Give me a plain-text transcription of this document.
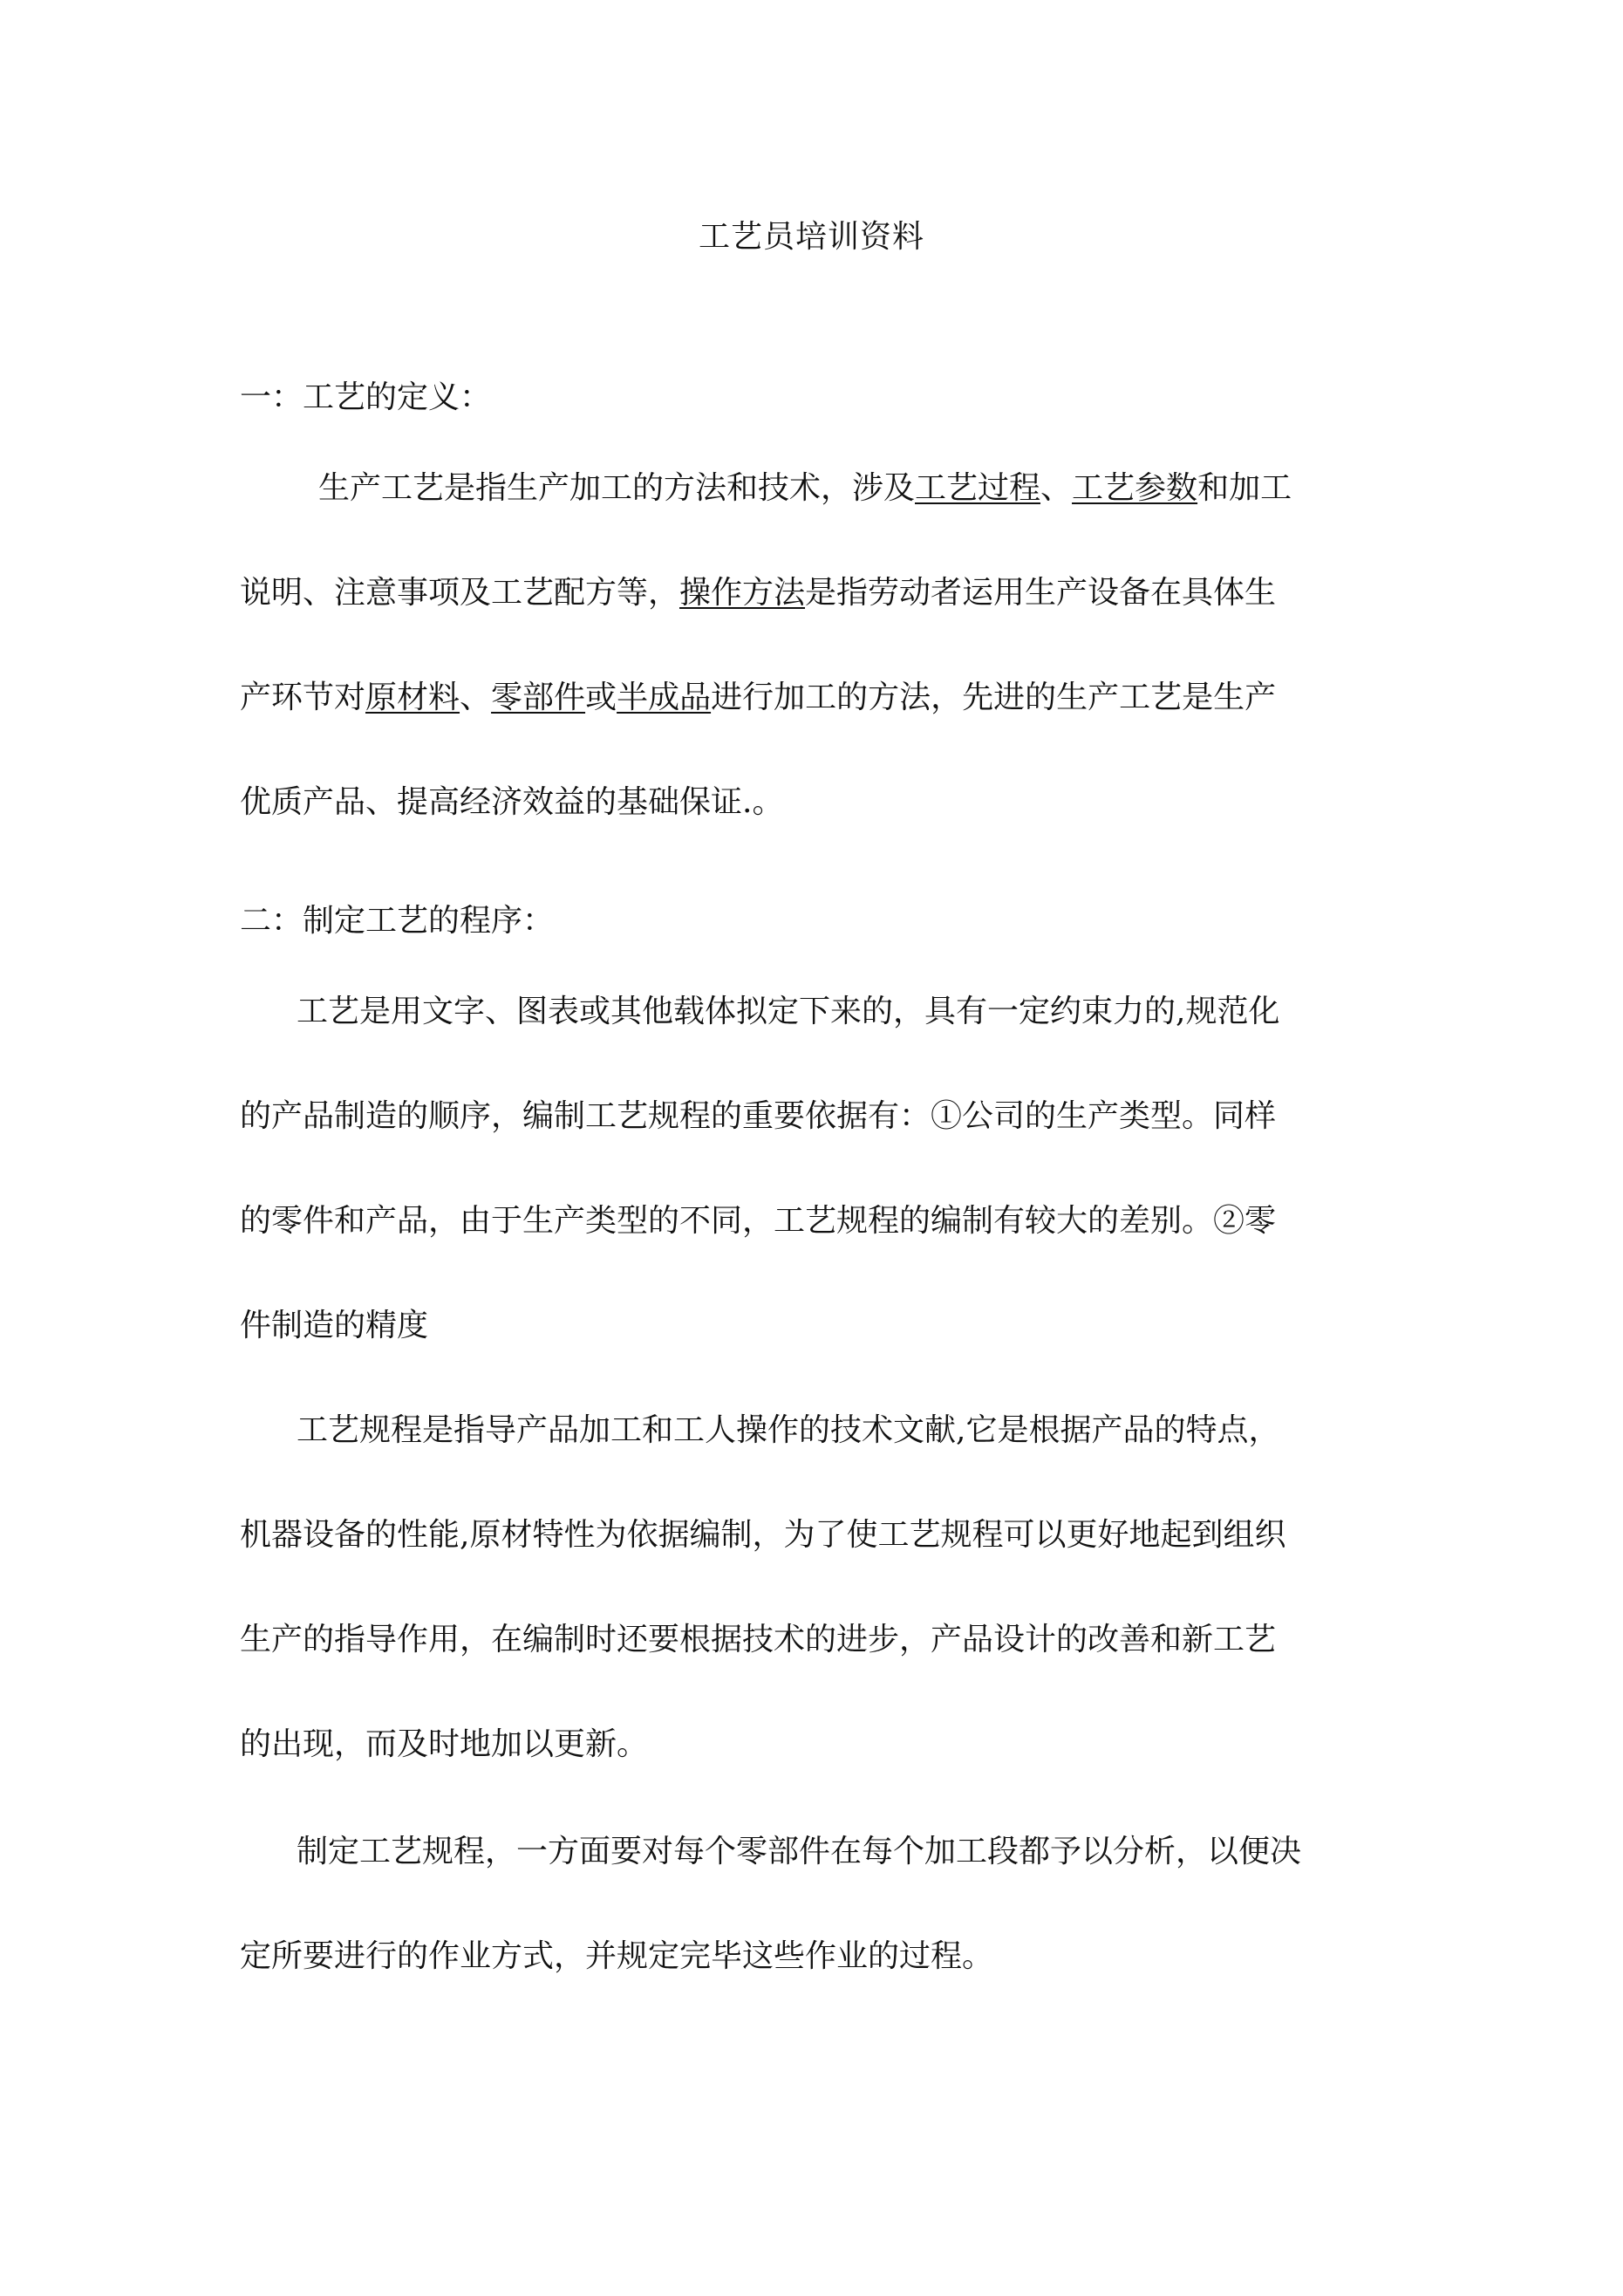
工艺员培训资料
一：工艺的定义：
生产工艺是指生产加工的方法和技术，涉及工艺过程、工艺参数和加工
说明、注意事项及工艺配方等，操作方法是指劳动者运用生产设备在具体生
产环节对原材料、零部件或半成品进行加工的方法，先进的生产工艺是生产
优质产品、提高经济效益的基础保证.。
二：制定工艺的程序：
工艺是用文字、图表或其他载体拟定下来的，具有一定约束力的,规范化
的产品制造的顺序，编制工艺规程的重要依据有：①公司的生产类型。同样
的零件和产品，由于生产类型的不同，工艺规程的编制有较大的差别。②零
件制造的精度
工艺规程是指导产品加工和工人操作的技术文献,它是根据产品的特点，
机器设备的性能,原材特性为依据编制，为了使工艺规程可以更好地起到组织
生产的指导作用，在编制时还要根据技术的进步，产品设计的改善和新工艺
的出现，而及时地加以更新。
制定工艺规程，一方面要对每个零部件在每个加工段都予以分析，以便决
定所要进行的作业方式，并规定完毕这些作业的过程。
